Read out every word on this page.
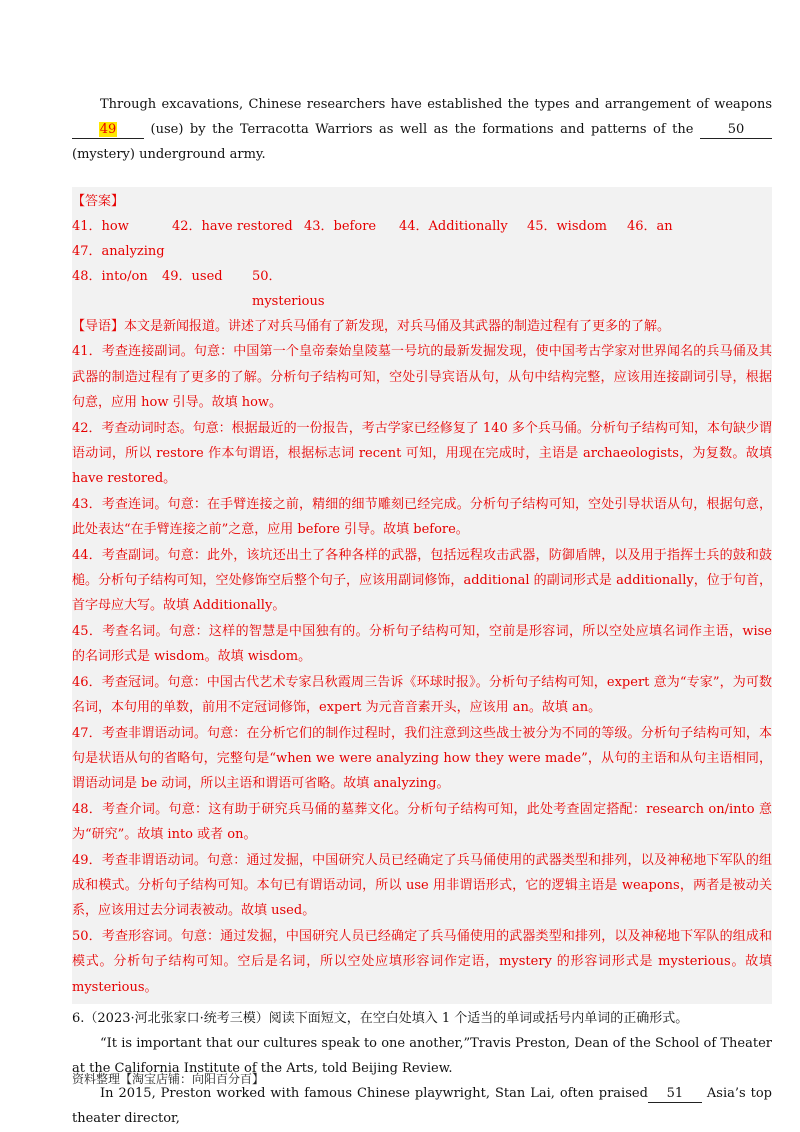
Through excavations, Chinese researchers have established the types and arrangement of weapons 49 (use) by the Terracotta Warriors as well as the formations and patterns of the 50 (mystery) underground army.

【答案】

41．how	42．have restored 43．before	44．Additionally	45．wisdom	46．an
47．analyzing
48．into/on	49．used	50．mysterious

【导语】本文是新闻报道。讲述了对兵马俑有了新发现，对兵马俑及其武器的制造过程有了更多的了解。

41．考查连接副词。句意：中国第一个皇帝秦始皇陵墓一号坑的最新发掘发现，使中国考古学家对世界闻名的兵马俑及其武器的制造过程有了更多的了解。分析句子结构可知，空处引导宾语从句，从句中结构完整，应该用连接副词引导，根据句意，应用 how 引导。故填 how。

42．考查动词时态。句意：根据最近的一份报告，考古学家已经修复了 140 多个兵马俑。分析句子结构可知，本句缺少谓语动词，所以 restore 作本句谓语，根据标志词 recent 可知，用现在完成时，主语是 archaeologists，为复数。故填 have restored。

43．考查连词。句意：在手臂连接之前，精细的细节雕刻已经完成。分析句子结构可知，空处引导状语从句，根据句意，此处表达“在手臂连接之前”之意，应用 before 引导。故填 before。

44．考查副词。句意：此外，该坑还出土了各种各样的武器，包括远程攻击武器，防御盾牌，以及用于指挥士兵的鼓和鼓槌。分析句子结构可知，空处修饰空后整个句子，应该用副词修饰，additional 的副词形式是 additionally，位于句首，首字母应大写。故填 Additionally。

45．考查名词。句意：这样的智慧是中国独有的。分析句子结构可知，空前是形容词，所以空处应填名词作主语，wise 的名词形式是 wisdom。故填 wisdom。

46．考查冠词。句意：中国古代艺术专家吕秋霞周三告诉《环球时报》。分析句子结构可知，expert 意为“专家”，为可数名词，本句用的单数，前用不定冠词修饰，expert 为元音音素开头，应该用 an。故填 an。

47．考查非谓语动词。句意：在分析它们的制作过程时，我们注意到这些战士被分为不同的等级。分析句子结构可知，本句是状语从句的省略句，完整句是“when we were analyzing how they were made”，从句的主语和从句主语相同，谓语动词是 be 动词，所以主语和谓语可省略。故填 analyzing。

48．考查介词。句意：这有助于研究兵马俑的墓葬文化。分析句子结构可知，此处考查固定搭配：research on/into 意为“研究”。故填 into 或者 on。

49．考查非谓语动词。句意：通过发掘，中国研究人员已经确定了兵马俑使用的武器类型和排列，以及神秘地下军队的组成和模式。分析句子结构可知。本句已有谓语动词，所以 use 用非谓语形式，它的逻辑主语是 weapons，两者是被动关系，应该用过去分词表被动。故填 used。

50．考查形容词。句意：通过发掘，中国研究人员已经确定了兵马俑使用的武器类型和排列，以及神秘地下军队的组成和模式。分析句子结构可知。空后是名词，所以空处应填形容词作定语，mystery 的形容词形式是 mysterious。故填 mysterious。

6.（2023·河北张家口·统考三模）阅读下面短文，在空白处填入 1 个适当的单词或括号内单词的正确形式。

“It is important that our cultures speak to one another,”Travis Preston, Dean of the School of Theater at the California Institute of the Arts, told Beijing Review.

In 2015, Preston worked with famous Chinese playwright, Stan Lai, often praised 51 Asia’s top theater director,

资料整理【淘宝店铺：向阳百分百】
